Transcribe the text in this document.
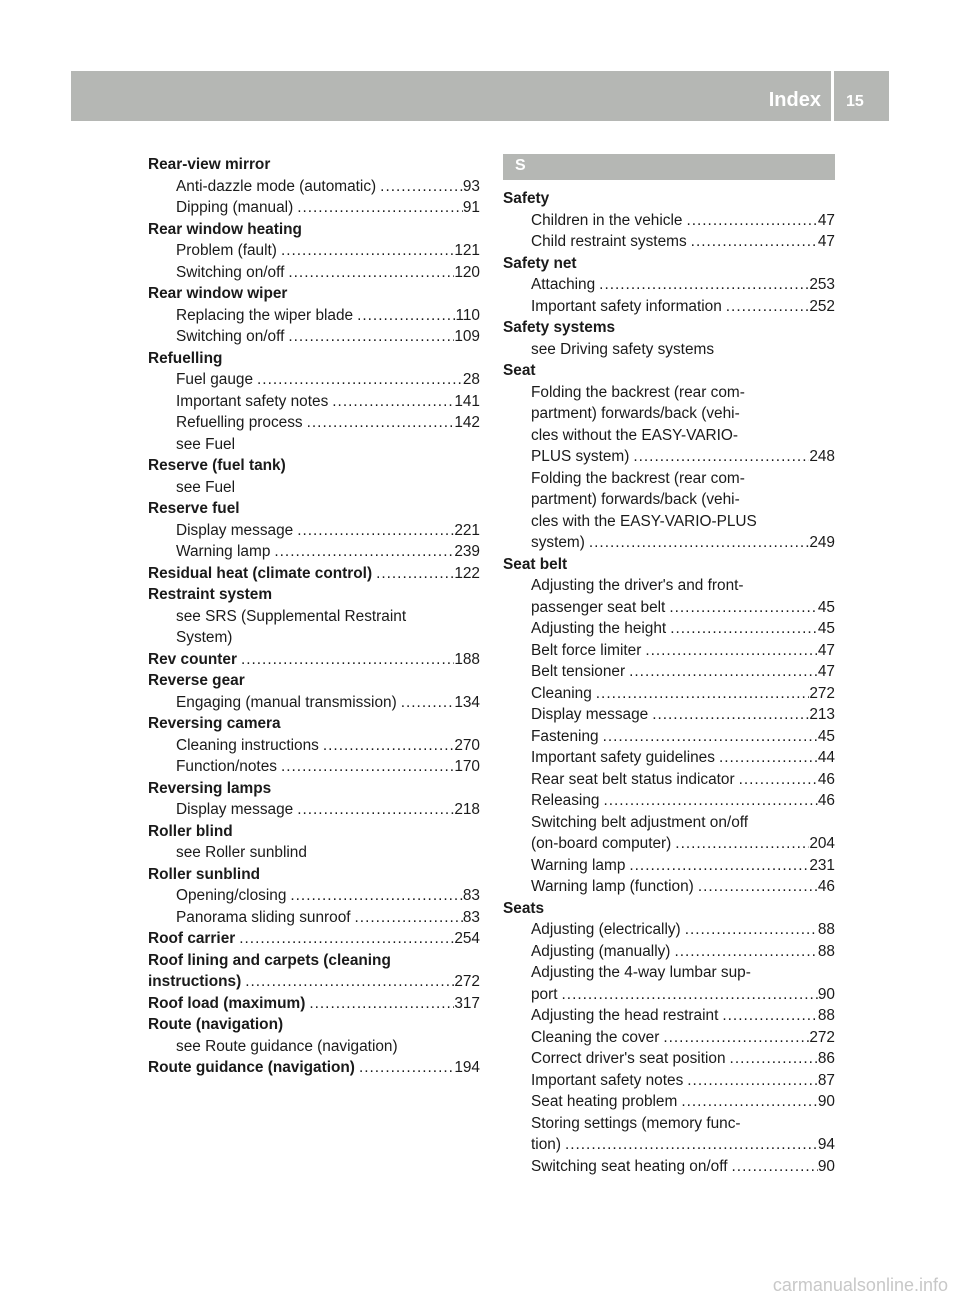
Index 15
Rear-view mirror
Anti-dazzle mode (automatic) .....	93
Dipping (manual) .....	91
Rear window heating
Problem (fault) .....	121
Switching on/off .....	120
Rear window wiper
Replacing the wiper blade .....	110
Switching on/off .....	109
Refuelling
Fuel gauge .....	28
Important safety notes .....	141
Refuelling process .....	142
see Fuel
Reserve (fuel tank)
see Fuel
Reserve fuel
Display message .....	221
Warning lamp .....	239
Residual heat (climate control) .....	122
Restraint system
see SRS (Supplemental Restraint
System)
Rev counter .....	188
Reverse gear
Engaging (manual transmission) .....	134
Reversing camera
Cleaning instructions .....	270
Function/notes .....	170
Reversing lamps
Display message .....	218
Roller blind
see Roller sunblind
Roller sunblind
Opening/closing .....	83
Panorama sliding sunroof .....	83
Roof carrier .....	254
Roof lining and carpets (cleaning
instructions) .....	272
Roof load (maximum) .....	317
Route (navigation)
see Route guidance (navigation)
Route guidance (navigation) .....	194
S
Safety
Children in the vehicle .....	47
Child restraint systems .....	47
Safety net
Attaching .....	253
Important safety information .....	252
Safety systems
see Driving safety systems
Seat
Folding the backrest (rear com-
partment) forwards/back (vehi-
cles without the EASY-VARIO-
PLUS system) .....	248
Folding the backrest (rear com-
partment) forwards/back (vehi-
cles with the EASY-VARIO-PLUS
system) .....	249
Seat belt
Adjusting the driver's and front-
passenger seat belt .....	45
Adjusting the height .....	45
Belt force limiter .....	47
Belt tensioner .....	47
Cleaning .....	272
Display message .....	213
Fastening .....	45
Important safety guidelines .....	44
Rear seat belt status indicator .....	46
Releasing .....	46
Switching belt adjustment on/off
(on-board computer) .....	204
Warning lamp .....	231
Warning lamp (function) .....	46
Seats
Adjusting (electrically) .....	88
Adjusting (manually) .....	88
Adjusting the 4-way lumbar sup-
port .....	90
Adjusting the head restraint .....	88
Cleaning the cover .....	272
Correct driver's seat position .....	86
Important safety notes .....	87
Seat heating problem .....	90
Storing settings (memory func-
tion) .....	94
Switching seat heating on/off .....	90
carmanualsonline.info
